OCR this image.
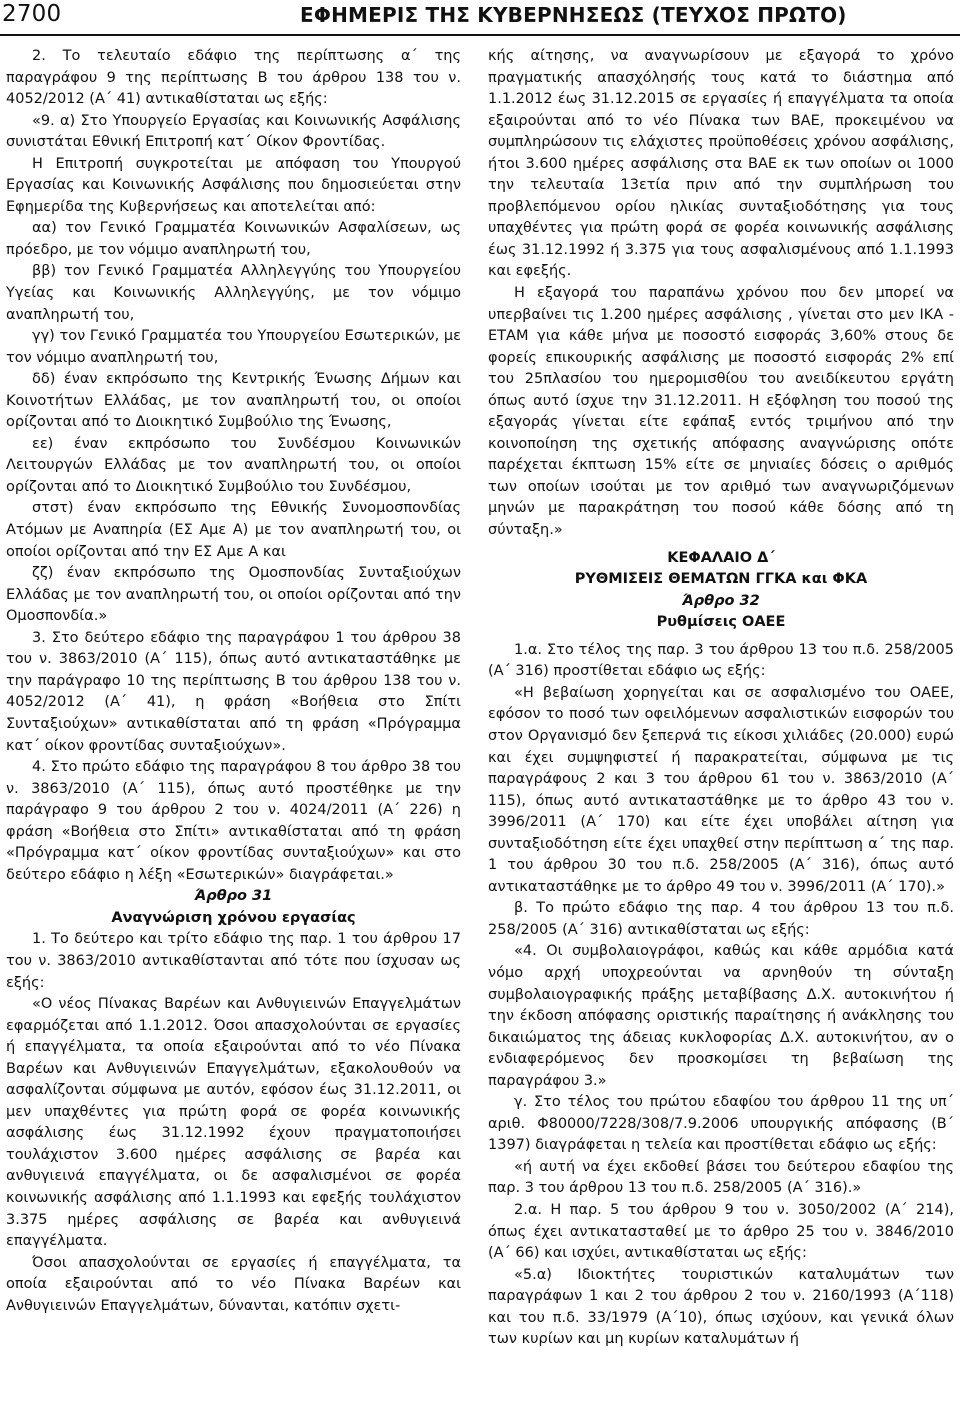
2700	ΕΦΗΜΕΡΙΣ ΤΗΣ ΚΥΒΕΡΝΗΣΕΩΣ (ΤΕΥΧΟΣ ΠΡΩΤΟ)

2. Το τελευταίο εδάφιο της περίπτωσης α΄ της παραγράφου 9 της περίπτωσης Β του άρθρου 138 του ν. 4052/2012 (Α΄ 41) αντικαθίσταται ως εξής:

«9. α) Στο Υπουργείο Εργασίας και Κοινωνικής Ασφάλισης συνιστάται Εθνική Επιτροπή κατ΄ Οίκον Φροντίδας.

Η Επιτροπή συγκροτείται με απόφαση του Υπουργού Εργασίας και Κοινωνικής Ασφάλισης που δημοσιεύεται στην Εφημερίδα της Κυβερνήσεως και αποτελείται από:

αα) τον Γενικό Γραμματέα Κοινωνικών Ασφαλίσεων, ως πρόεδρο, με τον νόμιμο αναπληρωτή του,

ββ) τον Γενικό Γραμματέα Αλληλεγγύης του Υπουργείου Υγείας και Κοινωνικής Αλληλεγγύης, με τον νόμιμο αναπληρωτή του,

γγ) τον Γενικό Γραμματέα του Υπουργείου Εσωτερικών, με τον νόμιμο αναπληρωτή του,

δδ) έναν εκπρόσωπο της Κεντρικής Ένωσης Δήμων και Κοινοτήτων Ελλάδας, με τον αναπληρωτή του, οι οποίοι ορίζονται από το Διοικητικό Συμβούλιο της Ένωσης,

εε) έναν εκπρόσωπο του Συνδέσμου Κοινωνικών Λειτουργών Ελλάδας με τον αναπληρωτή του, οι οποίοι ορίζονται από το Διοικητικό Συμβούλιο του Συνδέσμου,

στστ) έναν εκπρόσωπο της Εθνικής Συνομοσπονδίας Ατόμων με Αναπηρία (ΕΣ Αμε Α) με τον αναπληρωτή του, οι οποίοι ορίζονται από την ΕΣ Αμε Α και

ζζ) έναν εκπρόσωπο της Ομοσπονδίας Συνταξιούχων Ελλάδας με τον αναπληρωτή του, οι οποίοι ορίζονται από την Ομοσπονδία.»

3. Στο δεύτερο εδάφιο της παραγράφου 1 του άρθρου 38 του ν. 3863/2010 (Α΄ 115), όπως αυτό αντικαταστάθηκε με την παράγραφο 10 της περίπτωσης Β του άρθρου 138 του ν. 4052/2012 (Α΄ 41), η φράση «Βοήθεια στο Σπίτι Συνταξιούχων» αντικαθίσταται από τη φράση «Πρόγραμμα κατ΄ οίκον φροντίδας συνταξιούχων».

4. Στο πρώτο εδάφιο της παραγράφου 8 του άρθρο 38 του ν. 3863/2010 (Α΄ 115), όπως αυτό προστέθηκε με την παράγραφο 9 του άρθρου 2 του ν. 4024/2011 (Α΄ 226) η φράση «Βοήθεια στο Σπίτι» αντικαθίσταται από τη φράση «Πρόγραμμα κατ΄ οίκον φροντίδας συνταξιούχων» και στο δεύτερο εδάφιο η λέξη «Εσωτερικών» διαγράφεται.»

Άρθρο 31

Αναγνώριση χρόνου εργασίας

1. Το δεύτερο και τρίτο εδάφιο της παρ. 1 του άρθρου 17 του ν. 3863/2010 αντικαθίστανται από τότε που ίσχυσαν ως εξής:

«Ο νέος Πίνακας Βαρέων και Ανθυγιεινών Επαγγελμάτων εφαρμόζεται από 1.1.2012. Όσοι απασχολούνται σε εργασίες ή επαγγέλματα, τα οποία εξαιρούνται από το νέο Πίνακα Βαρέων και Ανθυγιεινών Επαγγελμάτων, εξακολουθούν να ασφαλίζονται σύμφωνα με αυτόν, εφόσον έως 31.12.2011, οι μεν υπαχθέντες για πρώτη φορά σε φορέα κοινωνικής ασφάλισης έως 31.12.1992 έχουν πραγματοποιήσει τουλάχιστον 3.600 ημέρες ασφάλισης σε βαρέα και ανθυγιεινά επαγγέλματα, οι δε ασφαλισμένοι σε φορέα κοινωνικής ασφάλισης από 1.1.1993 και εφεξής τουλάχιστον 3.375 ημέρες ασφάλισης σε βαρέα και ανθυγιεινά επαγγέλματα.

Όσοι απασχολούνται σε εργασίες ή επαγγέλματα, τα οποία εξαιρούνται από το νέο Πίνακα Βαρέων και Ανθυγιεινών Επαγγελμάτων, δύνανται, κατόπιν σχετι-

κής αίτησης, να αναγνωρίσουν με εξαγορά το χρόνο πραγματικής απασχόλησής τους κατά το διάστημα από 1.1.2012 έως 31.12.2015 σε εργασίες ή επαγγέλματα τα οποία εξαιρούνται από το νέο Πίνακα των ΒΑΕ, προκειμένου να συμπληρώσουν τις ελάχιστες προϋποθέσεις χρόνου ασφάλισης, ήτοι 3.600 ημέρες ασφάλισης στα ΒΑΕ εκ των οποίων οι 1000 την τελευταία 13ετία πριν από την συμπλήρωση του προβλεπόμενου ορίου ηλικίας συνταξιοδότησης για τους υπαχθέντες για πρώτη φορά σε φορέα κοινωνικής ασφάλισης έως 31.12.1992 ή 3.375 για τους ασφαλισμένους από 1.1.1993 και εφεξής.

Η εξαγορά του παραπάνω χρόνου που δεν μπορεί να υπερβαίνει τις 1.200 ημέρες ασφάλισης , γίνεται στο μεν ΙΚΑ - ΕΤΑΜ για κάθε μήνα με ποσοστό εισφοράς 3,60% στους δε φορείς επικουρικής ασφάλισης με ποσοστό εισφοράς 2% επί του 25πλασίου του ημερομισθίου του ανειδίκευτου εργάτη όπως αυτό ίσχυε την 31.12.2011. Η εξόφληση του ποσού της εξαγοράς γίνεται είτε εφάπαξ εντός τριμήνου από την κοινοποίηση της σχετικής απόφασης αναγνώρισης οπότε παρέχεται έκπτωση 15% είτε σε μηνιαίες δόσεις ο αριθμός των οποίων ισούται με τον αριθμό των αναγνωριζόμενων μηνών με παρακράτηση του ποσού κάθε δόσης από τη σύνταξη.»

ΚΕΦΑΛΑΙΟ Δ΄

ΡΥΘΜΙΣΕΙΣ ΘΕΜΑΤΩΝ ΓΓΚΑ και ΦΚΑ

Άρθρο 32

Ρυθμίσεις ΟΑΕΕ

1.α. Στο τέλος της παρ. 3 του άρθρου 13 του π.δ. 258/2005 (Α΄ 316) προστίθεται εδάφιο ως εξής:

«Η βεβαίωση χορηγείται και σε ασφαλισμένο του ΟΑΕΕ, εφόσον το ποσό των οφειλόμενων ασφαλιστικών εισφορών του στον Οργανισμό δεν ξεπερνά τις είκοσι χιλιάδες (20.000) ευρώ και έχει συμψηφιστεί ή παρακρατείται, σύμφωνα με τις παραγράφους 2 και 3 του άρθρου 61 του ν. 3863/2010 (Α΄ 115), όπως αυτό αντικαταστάθηκε με το άρθρο 43 του ν. 3996/2011 (Α΄ 170) και είτε έχει υποβάλει αίτηση για συνταξιοδότηση είτε έχει υπαχθεί στην περίπτωση α΄ της παρ. 1 του άρθρου 30 του π.δ. 258/2005 (Α΄ 316), όπως αυτό αντικαταστάθηκε με το άρθρο 49 του ν. 3996/2011 (Α΄ 170).»

β. Το πρώτο εδάφιο της παρ. 4 του άρθρου 13 του π.δ. 258/2005 (Α΄ 316) αντικαθίσταται ως εξής:

«4. Οι συμβολαιογράφοι, καθώς και κάθε αρμόδια κατά νόμο αρχή υποχρεούνται να αρνηθούν τη σύνταξη συμβολαιογραφικής πράξης μεταβίβασης Δ.Χ. αυτοκινήτου ή την έκδοση απόφασης οριστικής παραίτησης ή ανάκλησης του δικαιώματος της άδειας κυκλοφορίας Δ.Χ. αυτοκινήτου, αν ο ενδιαφερόμενος δεν προσκομίσει τη βεβαίωση της παραγράφου 3.»

γ. Στο τέλος του πρώτου εδαφίου του άρθρου 11 της υπ΄ αριθ. Φ80000/7228/308/7.9.2006 υπουργικής απόφασης (Β΄ 1397) διαγράφεται η τελεία και προστίθεται εδάφιο ως εξής:

«ή αυτή να έχει εκδοθεί βάσει του δεύτερου εδαφίου της παρ. 3 του άρθρου 13 του π.δ. 258/2005 (Α΄ 316).»

2.α. Η παρ. 5 του άρθρου 9 του ν. 3050/2002 (Α΄ 214), όπως έχει αντικατασταθεί με το άρθρο 25 του ν. 3846/2010 (Α΄ 66) και ισχύει, αντικαθίσταται ως εξής:

«5.α) Ιδιοκτήτες τουριστικών καταλυμάτων των παραγράφων 1 και 2 του άρθρου 2 του ν. 2160/1993 (Α΄118) και του π.δ. 33/1979 (Α΄10), όπως ισχύουν, και γενικά όλων των κυρίων και μη κυρίων καταλυμάτων ή
